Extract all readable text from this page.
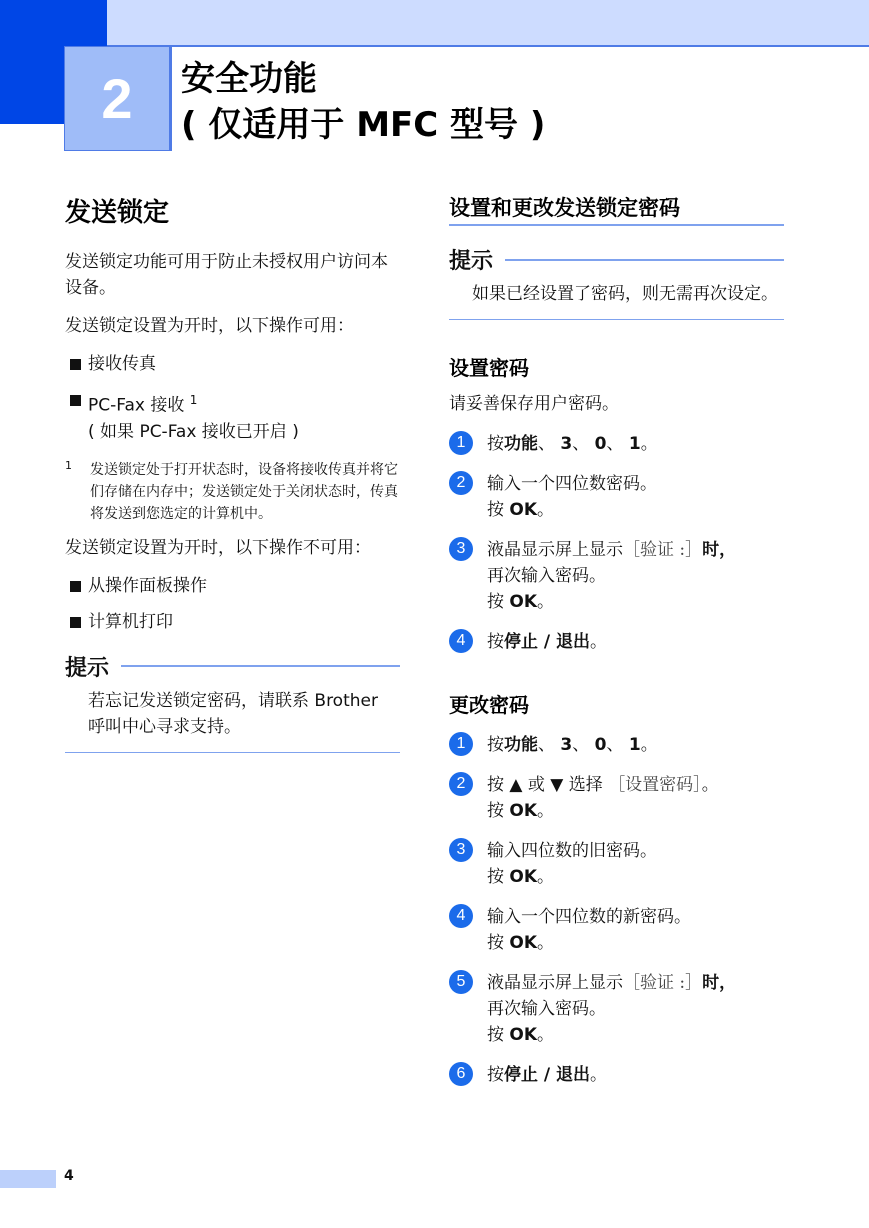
2	安全功能
( 仅适用于 MFC 型号 )
发送锁定

发送锁定功能可用于防止未授权用户访问本设备。

发送锁定设置为开时，以下操作可用：

接收传真
PC-Fax 接收 $^1$
( 如果 PC-Fax 接收已开启 )
1	发送锁定处于打开状态时，设备将接收传真并将它们存储在内存中；发送锁定处于关闭状态时，传真将发送到您选定的计算机中。

发送锁定设置为开时，以下操作不可用：

从操作面板操作
计算机打印
提示
若忘记发送锁定密码，请联系 Brother 呼叫中心寻求支持。
设置和更改发送锁定密码
提示
如果已经设置了密码，则无需再次设定。
设置密码

请妥善保存用户密码。

1	按功能、 3、 0、 1。
2	输入一个四位数密码。
按 OK。
3	液晶显示屏上显示［验证 :］时，
再次输入密码。
按 OK。
4	按停止 / 退出。
更改密码
1	按功能、 3、 0、 1。
2	按 ▲ 或 ▼ 选择 ［设置密码］。
按 OK。
3	输入四位数的旧密码。
按 OK。
4	输入一个四位数的新密码。
按 OK。
5	液晶显示屏上显示［验证 :］时，
再次输入密码。
按 OK。
6	按停止 / 退出。
4
